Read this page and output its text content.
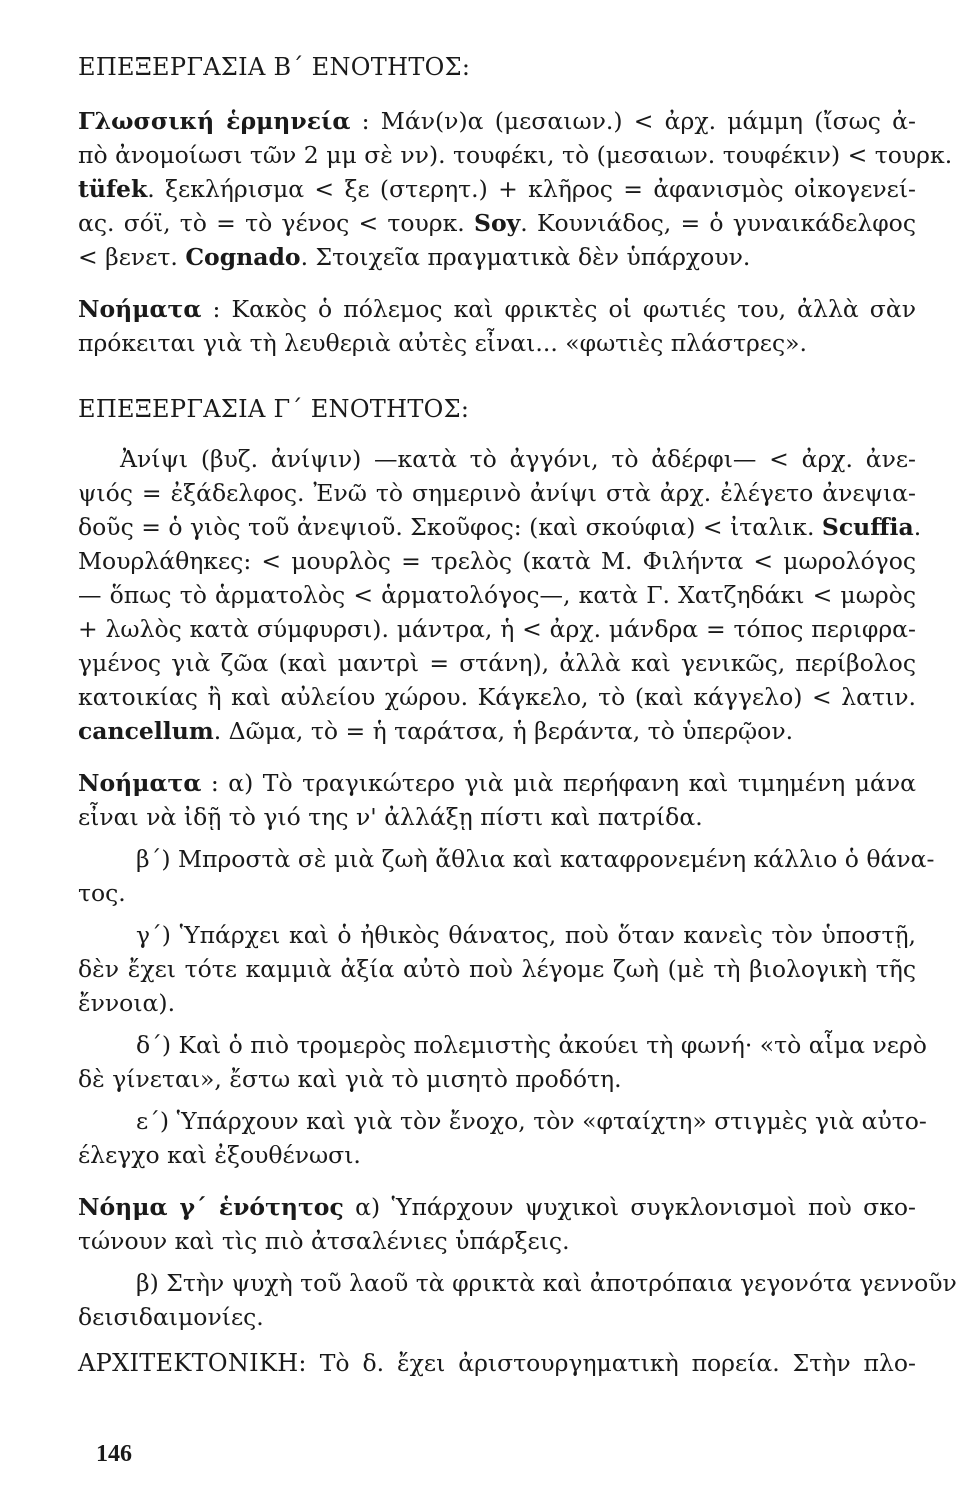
ΕΠΕΞΕΡΓΑΣΙΑ Β΄ ΕΝΟΤΗΤΟΣ:
Γλωσσική ἑρμηνεία : Μάν(ν)α (μεσαιων.) < ἀρχ. μάμμη (ἴσως ἀ-
πὸ ἀνομοίωσι τῶν 2 μμ σὲ νν). τουφέκι, τὸ (μεσαιων. τουφέκιν) < τουρκ.
tüfek. ξεκλήρισμα < ξε (στερητ.) + κλῆρος = ἀφανισμὸς οἰκογενεί-
ας. σόϊ, τὸ = τὸ γένος < τουρκ. Soy. Κουνιάδος, = ὁ γυναικάδελφος
< βενετ. Cognado. Στοιχεῖα πραγματικὰ δὲν ὑπάρχουν.
Νοήματα : Κακὸς ὁ πόλεμος καὶ φρικτὲς οἱ φωτιές του, ἀλλὰ σὰν
πρόκειται γιὰ τὴ λευθεριὰ αὐτὲς εἶναι... «φωτιὲς πλάστρες».
ΕΠΕΞΕΡΓΑΣΙΑ Γ΄ ΕΝΟΤΗΤΟΣ:
Ἀνίψι (βυζ. ἀνίψιν) —κατὰ τὸ ἀγγόνι, τὸ ἀδέρφι— < ἀρχ. ἀνε-
ψιός = ἐξάδελφος. Ἐνῶ τὸ σημερινὸ ἀνίψι στὰ ἀρχ. ἐλέγετο ἀνεψια-
δοῦς = ὁ γιὸς τοῦ ἀνεψιοῦ. Σκοῦφος: (καὶ σκούφια) < ἰταλικ. Scuffia.
Μουρλάθηκες: < μουρλὸς = τρελὸς (κατὰ Μ. Φιλήντα < μωρολόγος
— ὅπως τὸ ἁρματολὸς < ἁρματολόγος—, κατὰ Γ. Χατζηδάκι < μωρὸς
+ λωλὸς κατὰ σύμφυρσι). μάντρα, ἡ < ἀρχ. μάνδρα = τόπος περιφρα-
γμένος γιὰ ζῶα (καὶ μαντρὶ = στάνη), ἀλλὰ καὶ γενικῶς, περίβολος
κατοικίας ἢ καὶ αὐλείου χώρου. Κάγκελο, τὸ (καὶ κάγγελο) < λατιν.
cancellum. Δῶμα, τὸ = ἡ ταράτσα, ἡ βεράντα, τὸ ὑπερῷον.
Νοήματα : α) Τὸ τραγικώτερο γιὰ μιὰ περήφανη καὶ τιμημένη μάνα
εἶναι νὰ ἰδῇ τὸ γιό της ν' ἀλλάξῃ πίστι καὶ πατρίδα.
β΄) Μπροστὰ σὲ μιὰ ζωὴ ἄθλια καὶ καταφρονεμένη κάλλιο ὁ θάνα-
τος.
γ΄) Ὑπάρχει καὶ ὁ ἠθικὸς θάνατος, ποὺ ὅταν κανεὶς τὸν ὑποστῇ,
δὲν ἔχει τότε καμμιὰ ἀξία αὐτὸ ποὺ λέγομε ζωὴ (μὲ τὴ βιολογικὴ τῆς
ἔννοια).
δ΄) Καὶ ὁ πιὸ τρομερὸς πολεμιστὴς ἀκούει τὴ φωνή· «τὸ αἷμα νερὸ
δὲ γίνεται», ἔστω καὶ γιὰ τὸ μισητὸ προδότη.
ε΄) Ὑπάρχουν καὶ γιὰ τὸν ἔνοχο, τὸν «φταίχτη» στιγμὲς γιὰ αὐτο-
έλεγχο καὶ ἐξουθένωσι.
Νόημα γ΄ ἑνότητος α) Ὑπάρχουν ψυχικοὶ συγκλονισμοὶ ποὺ σκο-
τώνουν καὶ τὶς πιὸ ἀτσαλένιες ὑπάρξεις.
β) Στὴν ψυχὴ τοῦ λαοῦ τὰ φρικτὰ καὶ ἀποτρόπαια γεγονότα γεννοῦν
δεισιδαιμονίες.
ΑΡΧΙΤΕΚΤΟΝΙΚΗ: Τὸ δ. ἔχει ἀριστουργηματικὴ πορεία. Στὴν πλο-
146
